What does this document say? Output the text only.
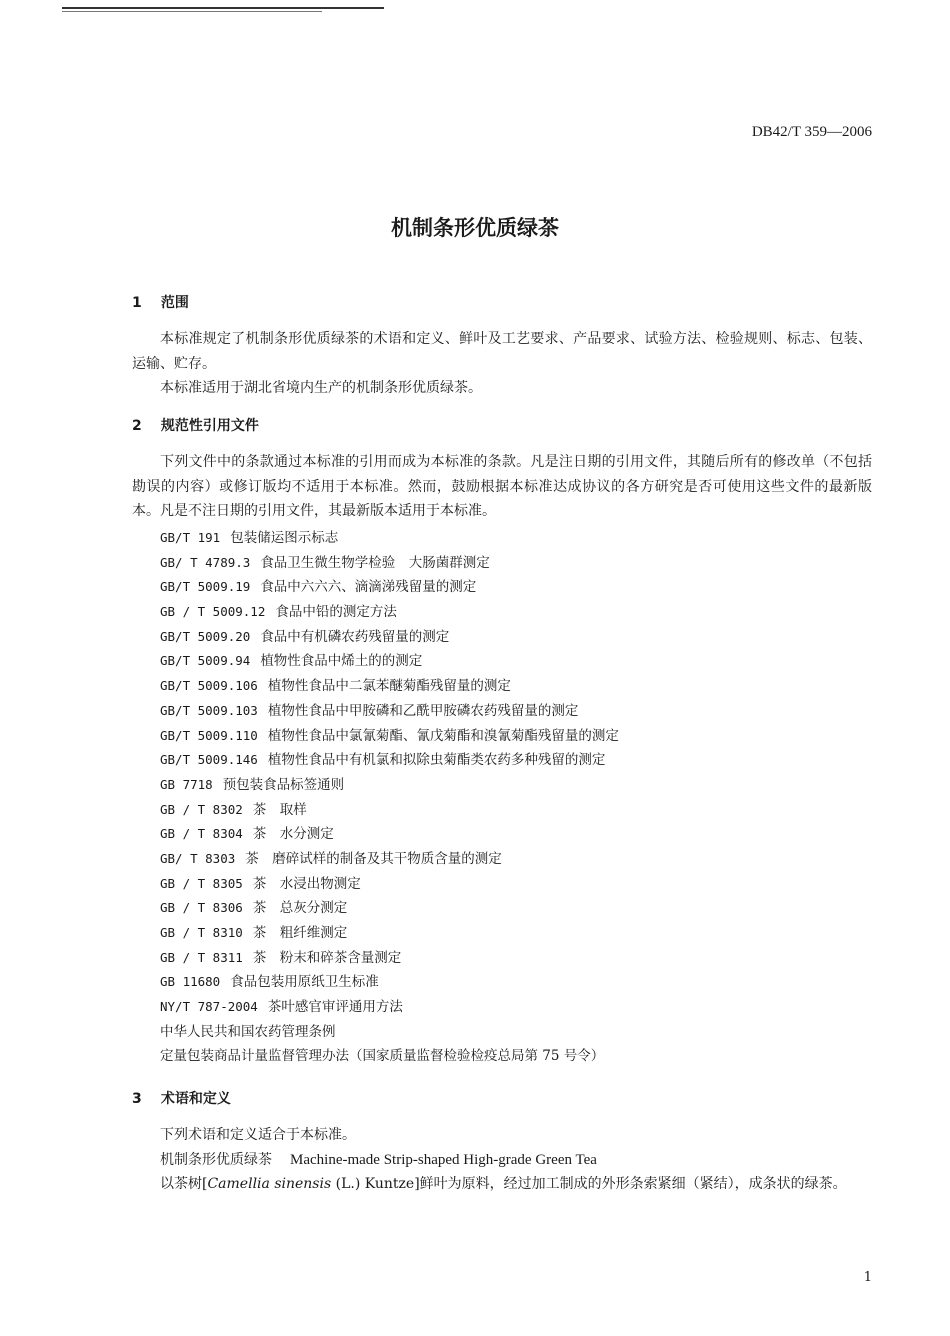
DB42/T 359—2006
机制条形优质绿茶
1 范围
本标准规定了机制条形优质绿茶的术语和定义、鲜叶及工艺要求、产品要求、试验方法、检验规则、标志、包装、运输、贮存。
本标准适用于湖北省境内生产的机制条形优质绿茶。
2 规范性引用文件
下列文件中的条款通过本标准的引用而成为本标准的条款。凡是注日期的引用文件，其随后所有的修改单（不包括勘误的内容）或修订版均不适用于本标准。然而，鼓励根据本标准达成协议的各方研究是否可使用这些文件的最新版本。凡是不注日期的引用文件，其最新版本适用于本标准。
GB/T 191 包装储运图示标志
GB/ T 4789.3 食品卫生微生物学检验　大肠菌群测定
GB/T 5009.19 食品中六六六、滴滴涕残留量的测定
GB / T 5009.12 食品中铅的测定方法
GB/T 5009.20 食品中有机磷农药残留量的测定
GB/T 5009.94 植物性食品中烯土的的测定
GB/T 5009.106 植物性食品中二氯苯醚菊酯残留量的测定
GB/T 5009.103 植物性食品中甲胺磷和乙酰甲胺磷农药残留量的测定
GB/T 5009.110 植物性食品中氯氰菊酯、氰戊菊酯和溴氰菊酯残留量的测定
GB/T 5009.146 植物性食品中有机氯和拟除虫菊酯类农药多种残留的测定
GB 7718 预包装食品标签通则
GB / T 8302 茶　取样
GB / T 8304 茶　水分测定
GB/ T 8303 茶　磨碎试样的制备及其干物质含量的测定
GB / T 8305 茶　水浸出物测定
GB / T 8306 茶　总灰分测定
GB / T 8310 茶　粗纤维测定
GB / T 8311 茶　粉末和碎茶含量测定
GB 11680 食品包装用原纸卫生标准
NY/T 787-2004 茶叶感官审评通用方法
中华人民共和国农药管理条例
定量包装商品计量监督管理办法（国家质量监督检验检疫总局第 75 号令）
3 术语和定义
下列术语和定义适合于本标准。
机制条形优质绿茶 Machine-made Strip-shaped High-grade Green Tea
以茶树[Camellia sinensis (L.) Kuntze]鲜叶为原料，经过加工制成的外形条索紧细（紧结），成条状的绿茶。
1
